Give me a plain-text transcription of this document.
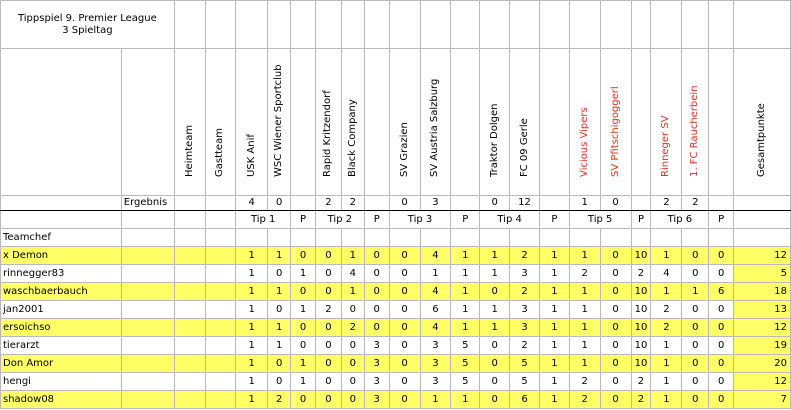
Tippspiel 9. Premier League
3 Spieltag																						

		Heimteam	Gastteam	USK Anif	WSC Wiener Sportclub		Rapid Kritzendorf	Black Company		SV Grazien	SV Austria Salzburg		Traktor Dolgen	FC 09 Gerle		Vicious Vipers	SV Pfitschigoggerl		Rinneger SV	1. FC Raucherbein		Gesamtpunkte

	Ergebnis			4	0		2	2		0	3		0	12		1	0		2	2		
				Tip 1		P	Tip 2		P	Tip 3		P	Tip 4		P	Tip 5		P	Tip 6		P	
Teamchef																						
x Demon				1	1	0	0	1	0	0	4	1	1	2	1	1	0	10	1	0	0	12
rinnegger83				1	0	1	0	4	0	0	1	1	1	3	1	2	0	2	4	0	0	5
waschbaerbauch				1	1	0	0	1	0	0	4	1	0	2	1	1	0	10	1	1	6	18
jan2001				1	0	1	2	0	0	0	6	1	1	3	1	1	0	10	2	0	0	13
ersoichso				1	1	0	0	2	0	0	4	1	1	3	1	1	0	10	2	0	0	12
tierarzt				1	1	0	0	0	3	0	3	5	0	2	1	1	0	10	1	0	0	19
Don Amor				1	0	1	0	0	3	0	3	5	0	5	1	1	0	10	1	0	0	20
hengi				1	0	1	0	0	3	0	3	5	0	5	1	2	0	2	1	0	0	12
shadow08				1	2	0	0	0	3	0	1	1	0	6	1	2	0	2	1	0	0	7
